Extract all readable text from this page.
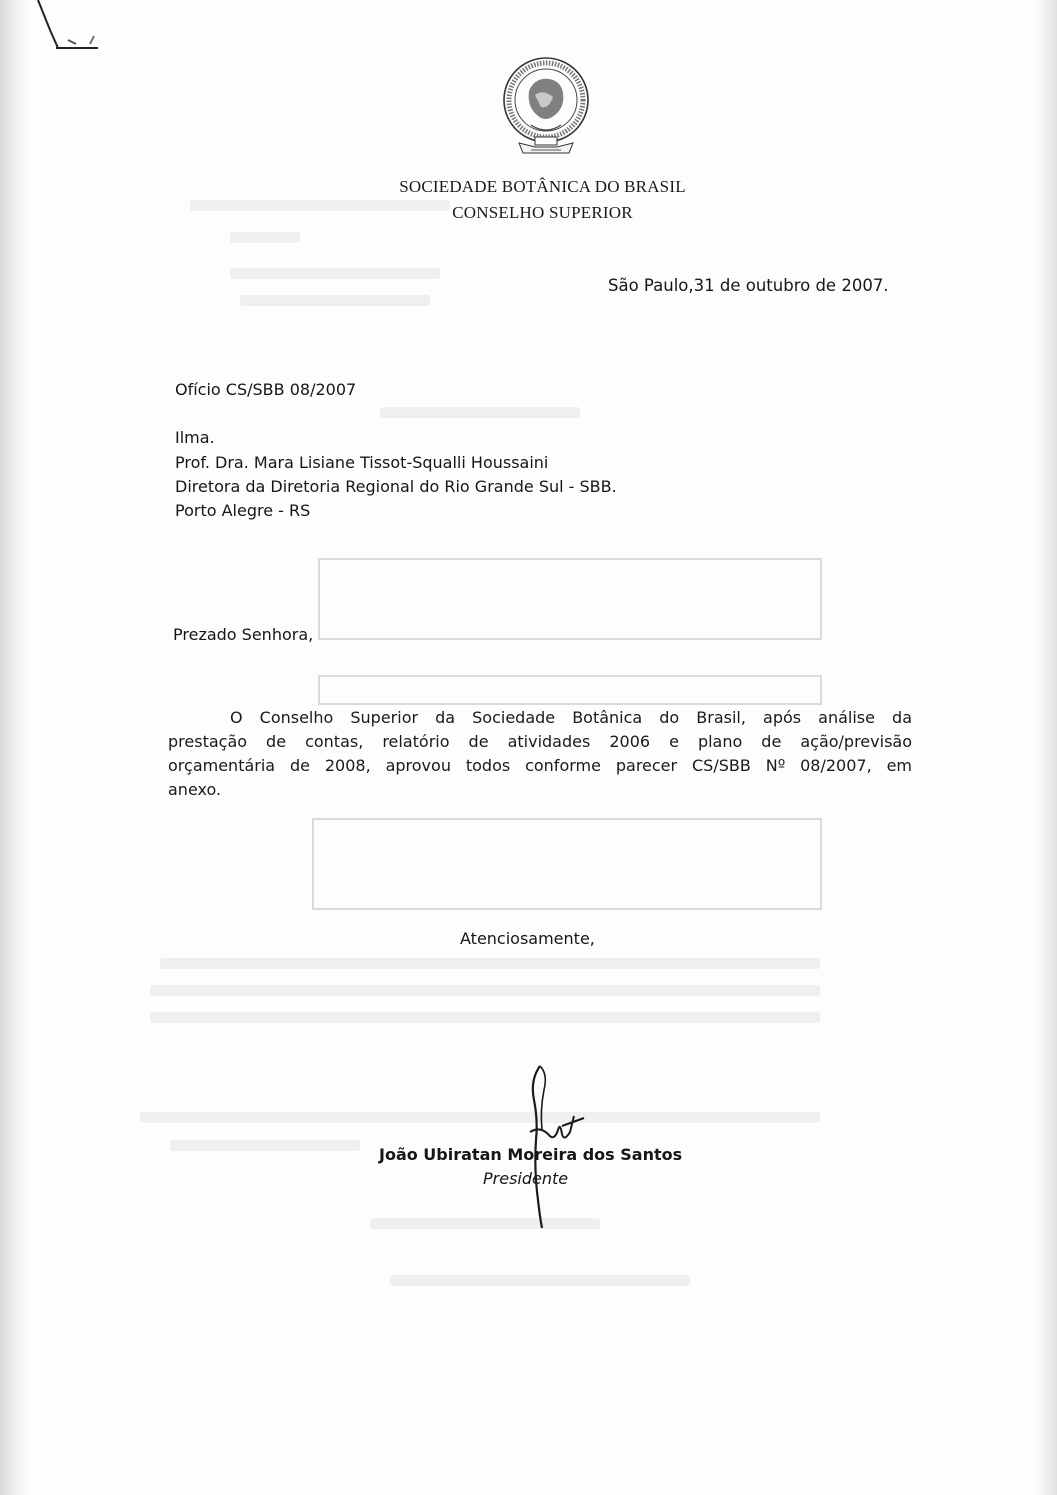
SOCIEDADE BOTÂNICA DO BRASIL
CONSELHO SUPERIOR
São Paulo,31 de outubro de 2007.
Ofício CS/SBB 08/2007
Ilma.
Prof. Dra. Mara Lisiane Tissot-Squalli Houssaini
Diretora da Diretoria Regional do Rio Grande Sul - SBB.
Porto Alegre - RS
Prezado Senhora,
O Conselho Superior da Sociedade Botânica do Brasil, após análise da
prestação de contas, relatório de atividades 2006 e plano de ação/previsão
orçamentária de 2008, aprovou todos conforme parecer CS/SBB Nº 08/2007, em
anexo.
Atenciosamente,
João Ubiratan Moreira dos Santos
Presidente
